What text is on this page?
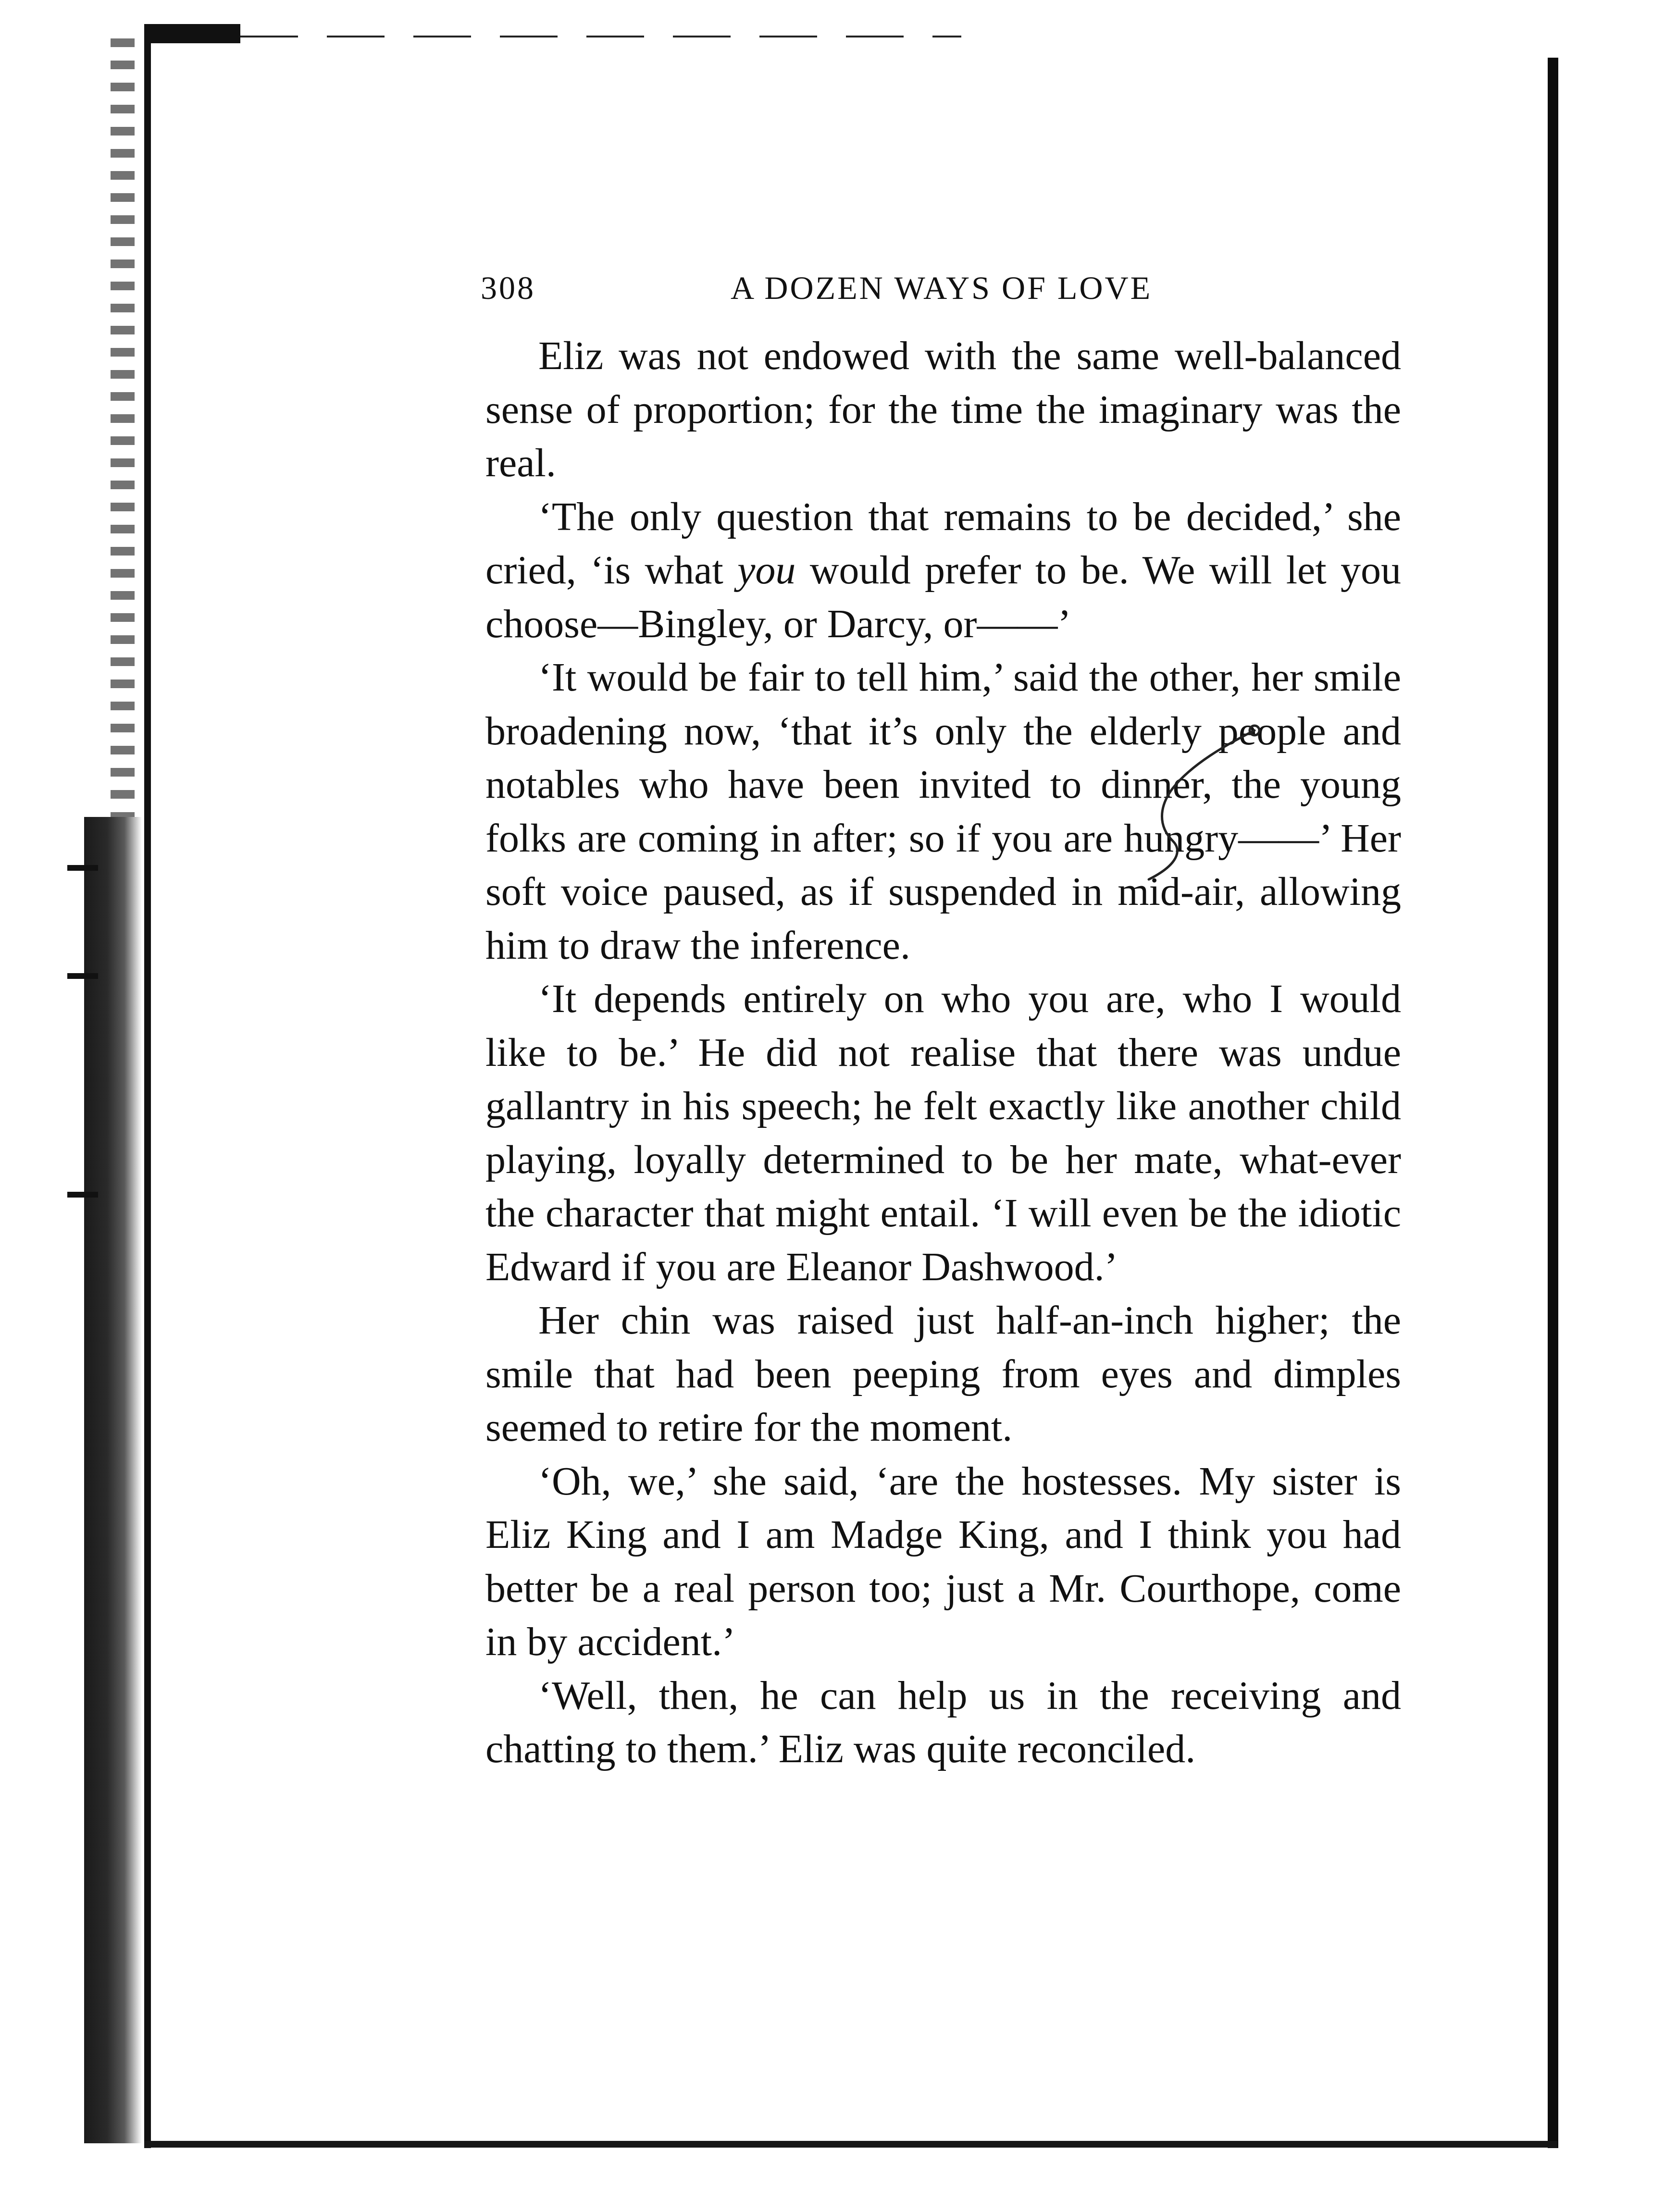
308	A DOZEN WAYS OF LOVE

Eliz was not endowed with the same well-balanced sense of proportion; for the time the imaginary was the real.

‘The only question that remains to be decided,’ she cried, ‘is what you would prefer to be. We will let you choose—Bingley, or Darcy, or——’

‘It would be fair to tell him,’ said the other, her smile broadening now, ‘that it’s only the elderly people and notables who have been invited to dinner, the young folks are coming in after; so if you are hungry——’ Her soft voice paused, as if suspended in mid-air, allowing him to draw the inference.

‘It depends entirely on who you are, who I would like to be.’ He did not realise that there was undue gallantry in his speech; he felt exactly like another child playing, loyally determined to be her mate, what-ever the character that might entail. ‘I will even be the idiotic Edward if you are Eleanor Dashwood.’

Her chin was raised just half-an-inch higher; the smile that had been peeping from eyes and dimples seemed to retire for the moment.

‘Oh, we,’ she said, ‘are the hostesses. My sister is Eliz King and I am Madge King, and I think you had better be a real person too; just a Mr. Courthope, come in by accident.’

‘Well, then, he can help us in the receiving and chatting to them.’ Eliz was quite reconciled.
